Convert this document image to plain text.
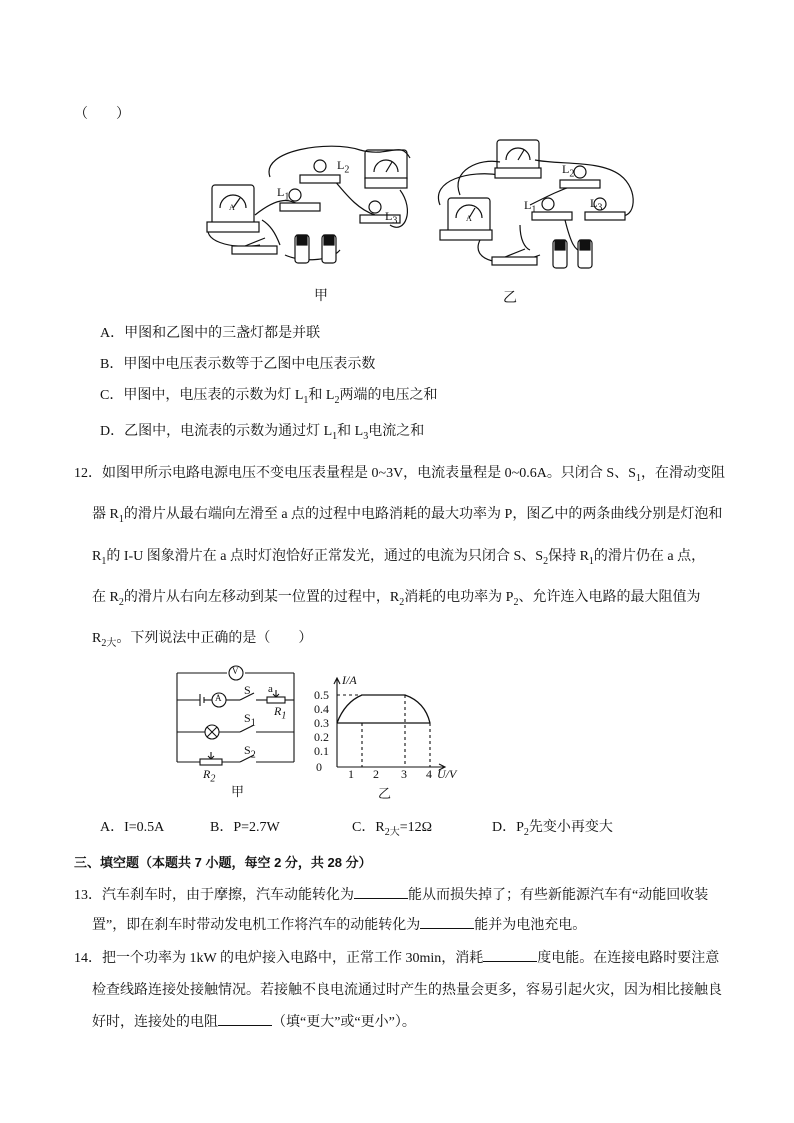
（　　）
$L_2$
$L_1$
$L_3$
$L_2$
$L_1$	$L_3$
A
A
甲	乙
A．甲图和乙图中的三盏灯都是并联
B．甲图中电压表示数等于乙图中电压表示数
C．甲图中，电压表的示数为灯 $L_1$和 $L_2$两端的电压之和
D．乙图中，电流表的示数为通过灯 $L_1$和 $L_3$电流之和
12．如图甲所示电路电源电压不变电压表量程是 0~3V，电流表量程是 0~0.6A。只闭合 S、$S_1$，在滑动变阻
器 $R_1$的滑片从最右端向左滑至 a 点的过程中电路消耗的最大功率为 P，图乙中的两条曲线分别是灯泡和
$R_1$的 I-U 图象滑片在 a 点时灯泡恰好正常发光，通过的电流为只闭合 S、$S_2$保持 $R_1$的滑片仍在 a 点，
在 $R_2$的滑片从右向左移动到某一位置的过程中，$R_2$消耗的电功率为 $P_2$、允许连入电路的最大阻值为
$R_{2大}$。下列说法中正确的是（　　）
V
A
S a
$R_1$
$S_1$
$S_2$
$R_2$
甲
I/A
0.5
0.4
0.3
0.2
0.1
0 1 2 3 4 U/V
乙
A．I=0.5A	B．P=2.7W	C．$R_{2大}=12\Omega$	D．$P_2$先变小再变大
三、填空题（本题共 7 小题，每空 2 分，共 28 分）
13．汽车刹车时，由于摩擦，汽车动能转化为	能从而损失掉了；有些新能源汽车有“动能回收装
置”，即在刹车时带动发电机工作将汽车的动能转化为	能并为电池充电。
14．把一个功率为 1kW 的电炉接入电路中，正常工作 30min，消耗	度电能。在连接电路时要注意
检查线路连接处接触情况。若接触不良电流通过时产生的热量会更多，容易引起火灾，因为相比接触良
好时，连接处的电阻	（填“更大”或“更小”）。
